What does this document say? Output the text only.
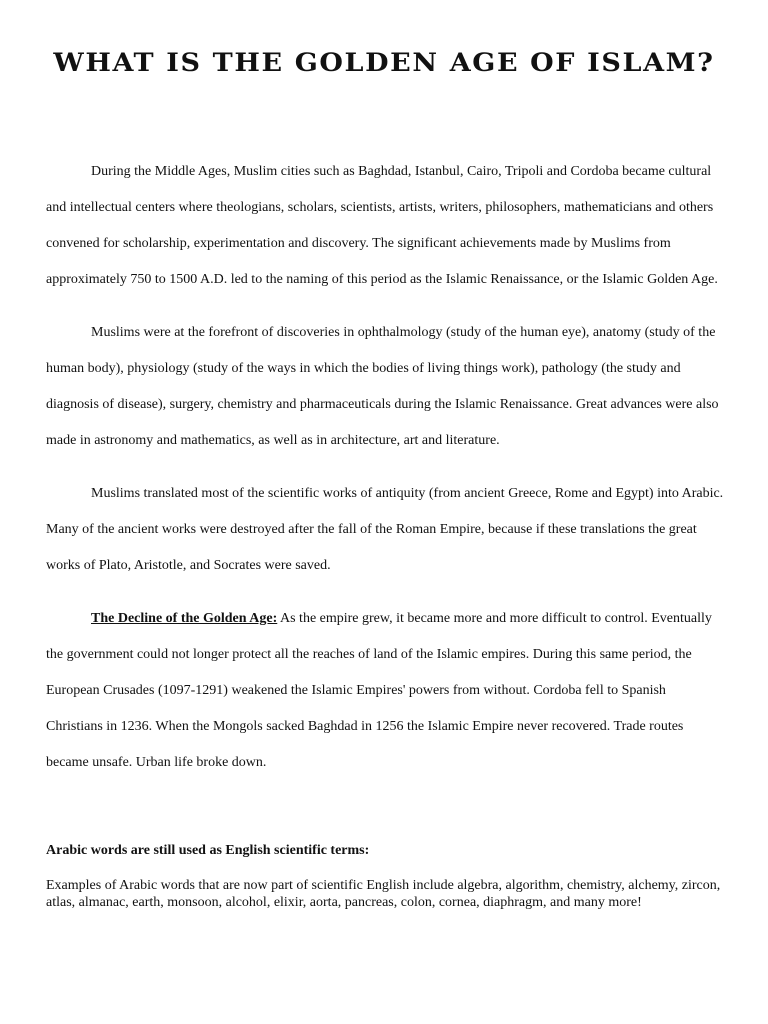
WHAT IS THE GOLDEN AGE OF ISLAM?

During the Middle Ages, Muslim cities such as Baghdad, Istanbul, Cairo, Tripoli and Cordoba became cultural and intellectual centers where theologians, scholars, scientists, artists, writers, philosophers, mathematicians and others convened for scholarship, experimentation and discovery. The significant achievements made by Muslims from approximately 750 to 1500 A.D. led to the naming of this period as the Islamic Renaissance, or the Islamic Golden Age.

Muslims were at the forefront of discoveries in ophthalmology (study of the human eye), anatomy (study of the human body), physiology (study of the ways in which the bodies of living things work), pathology (the study and diagnosis of disease), surgery, chemistry and pharmaceuticals during the Islamic Renaissance. Great advances were also made in astronomy and mathematics, as well as in architecture, art and literature.

Muslims translated most of the scientific works of antiquity (from ancient Greece, Rome and Egypt) into Arabic. Many of the ancient works were destroyed after the fall of the Roman Empire, because if these translations the great works of Plato, Aristotle, and Socrates were saved.

The Decline of the Golden Age: As the empire grew, it became more and more difficult to control. Eventually the government could not longer protect all the reaches of land of the Islamic empires. During this same period, the European Crusades (1097-1291) weakened the Islamic Empires' powers from without. Cordoba fell to Spanish Christians in 1236. When the Mongols sacked Baghdad in 1256 the Islamic Empire never recovered. Trade routes became unsafe. Urban life broke down.

Arabic words are still used as English scientific terms:

Examples of Arabic words that are now part of scientific English include algebra, algorithm, chemistry, alchemy, zircon, atlas, almanac, earth, monsoon, alcohol, elixir, aorta, pancreas, colon, cornea, diaphragm, and many more!
